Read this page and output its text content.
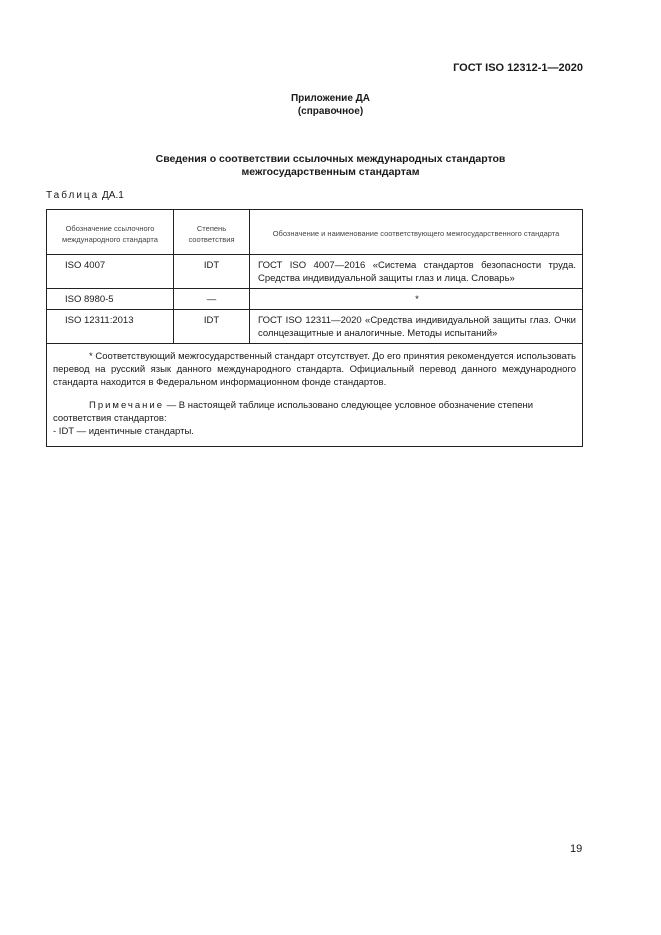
ГОСТ ISO 12312-1—2020
Приложение ДА
(справочное)
Сведения о соответствии ссылочных международных стандартов
межгосударственным стандартам
Таблица ДА.1
Обозначение ссылочного международного стандарта	Степень соответствия	Обозначение и наименование соответствующего межгосударственного стандарта
ISO 4007	IDT	ГОСТ ISO 4007—2016 «Система стандартов безопасности труда. Средства индивидуальной защиты глаз и лица. Словарь»
ISO 8980-5	—	*
ISO 12311:2013	IDT	ГОСТ ISO 12311—2020 «Средства индивидуальной защиты глаз. Очки солнцезащитные и аналогичные. Методы испытаний»

* Соответствующий межгосударственный стандарт отсутствует. До его принятия рекомендуется использовать перевод на русский язык данного международного стандарта. Официальный перевод данного международного стандарта находится в Федеральном информационном фонде стандартов.

Примечание — В настоящей таблице использовано следующее условное обозначение степени соответствия стандартов:

- IDT — идентичные стандарты.		

19
